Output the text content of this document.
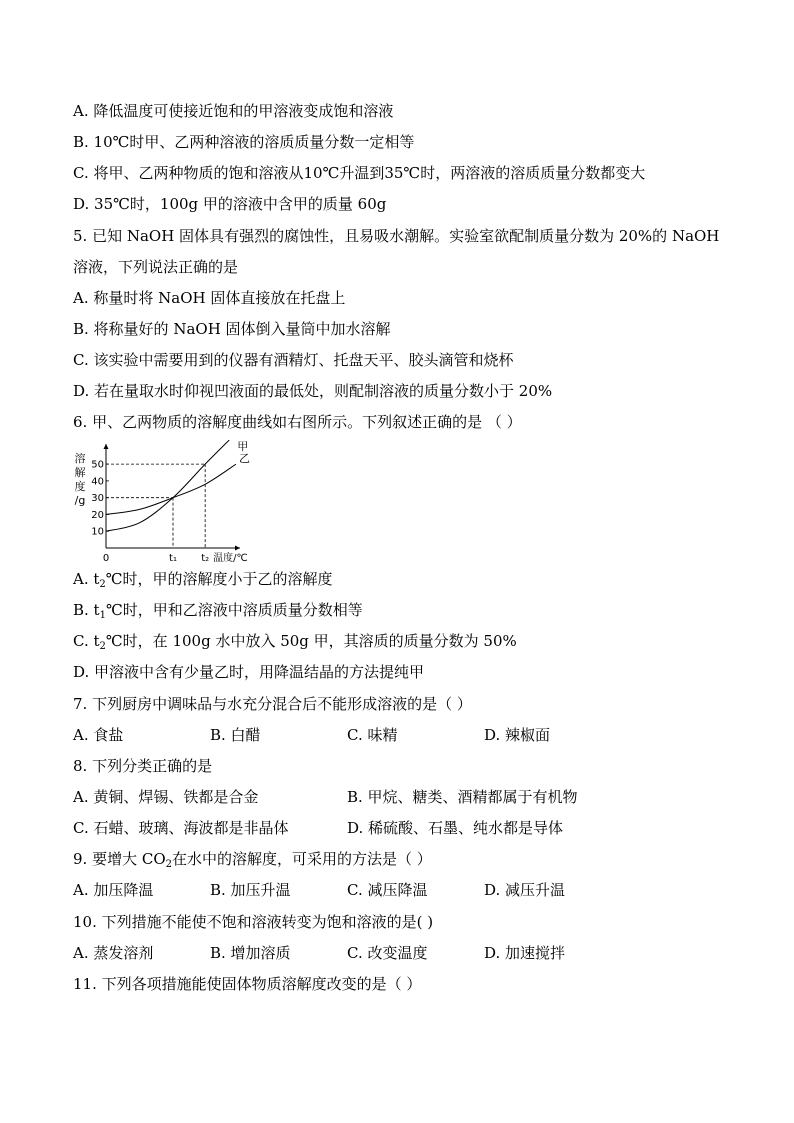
A. 降低温度可使接近饱和的甲溶液变成饱和溶液
B. 10℃时甲、乙两种溶液的溶质质量分数一定相等
C. 将甲、乙两种物质的饱和溶液从10℃升温到35℃时，两溶液的溶质质量分数都变大
D. 35℃时，100g 甲的溶液中含甲的质量 60g
5. 已知 NaOH 固体具有强烈的腐蚀性，且易吸水潮解。实验室欲配制质量分数为 20%的 NaOH
溶液，下列说法正确的是
A. 称量时将 NaOH 固体直接放在托盘上
B. 将称量好的 NaOH 固体倒入量筒中加水溶解
C. 该实验中需要用到的仪器有酒精灯、托盘天平、胶头滴管和烧杯
D. 若在量取水时仰视凹液面的最低处，则配制溶液的质量分数小于 20%
6. 甲、乙两物质的溶解度曲线如右图所示。下列叙述正确的是 （ ）
10
20
30
40
50
0
溶
解
度
/g
t₁ t₂ 温度/℃
甲
乙
A. $t_2℃$时，甲的溶解度小于乙的溶解度
B. $t_1℃$时，甲和乙溶液中溶质质量分数相等
C. $t_2℃$时，在 100g 水中放入 50g 甲，其溶质的质量分数为 50%
D. 甲溶液中含有少量乙时，用降温结晶的方法提纯甲
7. 下列厨房中调味品与水充分混合后不能形成溶液的是（ ）
A. 食盐	B. 白醋	C. 味精	D. 辣椒面
8. 下列分类正确的是
A. 黄铜、焊锡、铁都是合金	B. 甲烷、糖类、酒精都属于有机物
C. 石蜡、玻璃、海波都是非晶体	D. 稀硫酸、石墨、纯水都是导体
9. 要增大 $CO_2$在水中的溶解度，可采用的方法是（ ）
A. 加压降温	B. 加压升温	C. 减压降温	D. 减压升温
10. 下列措施不能使不饱和溶液转变为饱和溶液的是( )
A. 蒸发溶剂	B. 增加溶质	C. 改变温度	D. 加速搅拌
11. 下列各项措施能使固体物质溶解度改变的是（ ）
